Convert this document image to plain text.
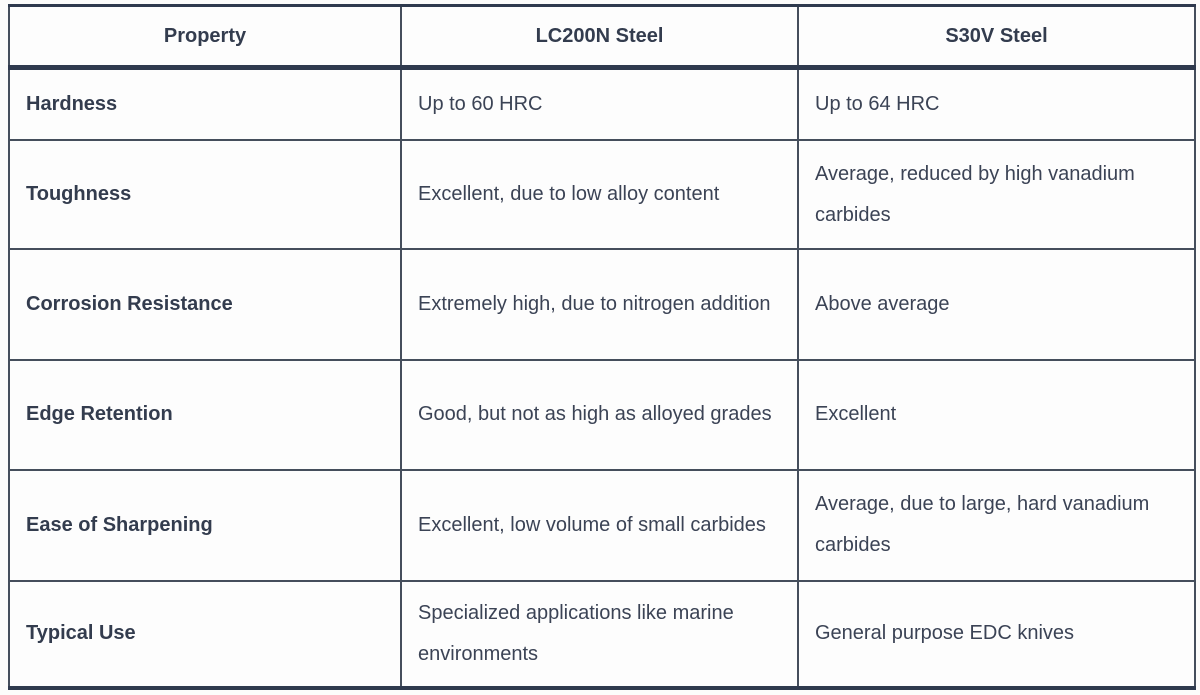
Property	LC200N Steel	S30V Steel
Hardness	Up to 60 HRC	Up to 64 HRC
Toughness	Excellent, due to low alloy content	Average, reduced by high vanadium carbides
Corrosion Resistance	Extremely high, due to nitrogen addition	Above average
Edge Retention	Good, but not as high as alloyed grades	Excellent
Ease of Sharpening	Excellent, low volume of small carbides	Average, due to large, hard vanadium carbides
Typical Use	Specialized applications like marine environments	General purpose EDC knives
